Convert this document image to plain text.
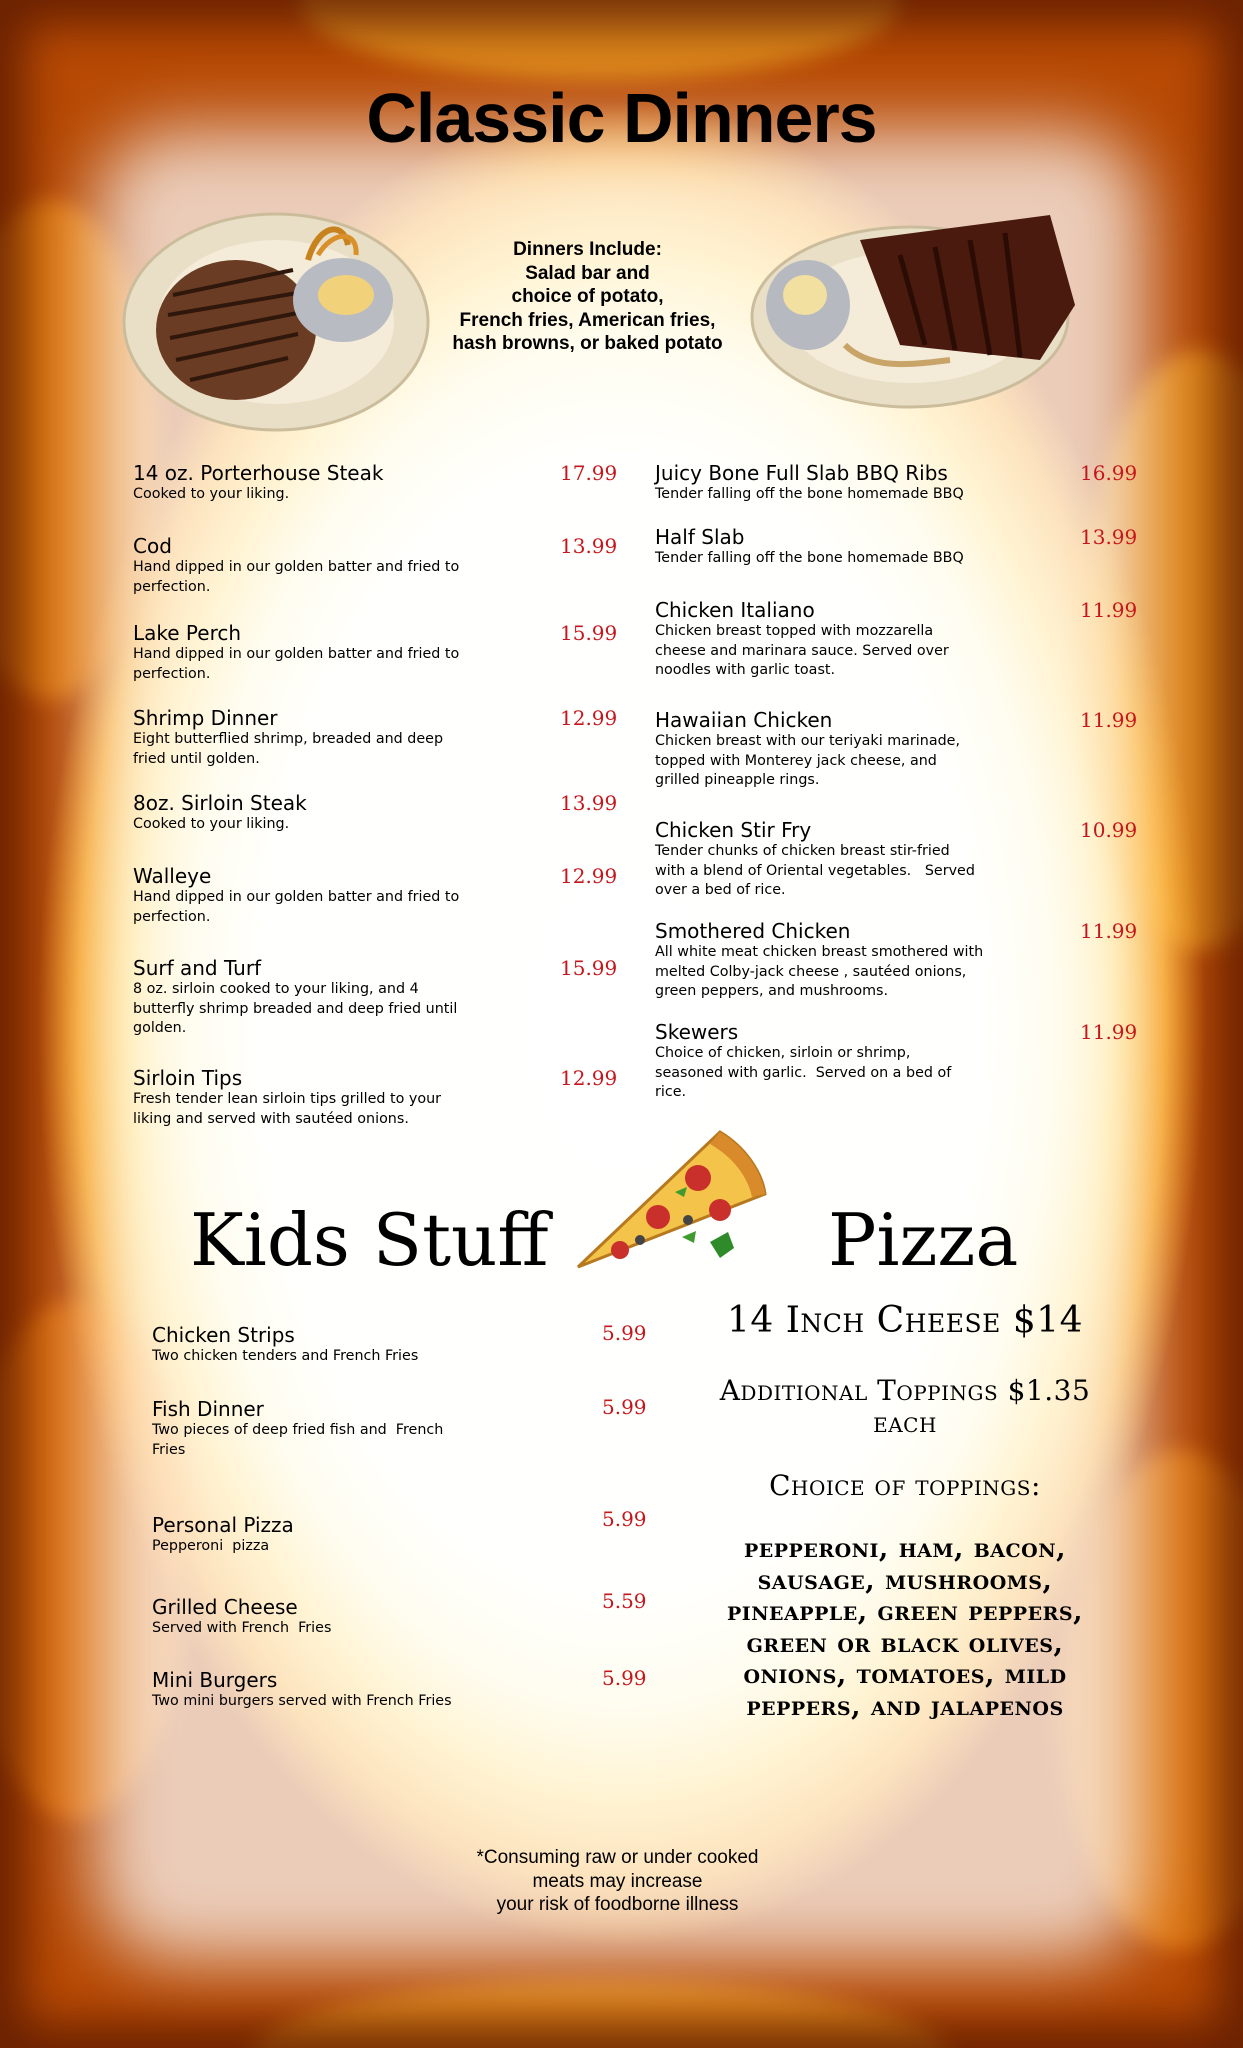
Classic Dinners
Dinners Include:
Salad bar and
choice of potato,
French fries, American fries,
hash browns, or baked potato
14 oz. Porterhouse Steak
Cooked to your liking.
17.99
Cod
Hand dipped in our golden batter and fried to
perfection.
13.99
Lake Perch
Hand dipped in our golden batter and fried to
perfection.
15.99
Shrimp Dinner
Eight butterflied shrimp, breaded and deep
fried until golden.
12.99
8oz. Sirloin Steak
Cooked to your liking.
13.99
Walleye
Hand dipped in our golden batter and fried to
perfection.
12.99
Surf and Turf
8 oz. sirloin cooked to your liking, and 4
butterfly shrimp breaded and deep fried until
golden.
15.99
Sirloin Tips
Fresh tender lean sirloin tips grilled to your
liking and served with sautéed onions.
12.99
Juicy Bone Full Slab BBQ Ribs
Tender falling off the bone homemade BBQ
16.99
Half Slab
Tender falling off the bone homemade BBQ
13.99
Chicken Italiano
Chicken breast topped with mozzarella
cheese and marinara sauce. Served over
noodles with garlic toast.
11.99
Hawaiian Chicken
Chicken breast with our teriyaki marinade,
topped with Monterey jack cheese, and
grilled pineapple rings.
11.99
Chicken Stir Fry
Tender chunks of chicken breast stir-fried
with a blend of Oriental vegetables.   Served
over a bed of rice.
10.99
Smothered Chicken
All white meat chicken breast smothered with
melted Colby-jack cheese , sautéed onions,
green peppers, and mushrooms.
11.99
Skewers
Choice of chicken, sirloin or shrimp,
seasoned with garlic.  Served on a bed of
rice.
11.99
Kids Stuff
Chicken Strips
Two chicken tenders and French Fries
5.99
Fish Dinner
Two pieces of deep fried fish and  French
Fries
5.99
Personal Pizza
Pepperoni  pizza
5.99
Grilled Cheese
Served with French  Fries
5.59
Mini Burgers
Two mini burgers served with French Fries
5.99
Pizza
14 Inch Cheese $14
Additional Toppings $1.35
each
Choice of toppings:
pepperoni, ham, bacon,
sausage, mushrooms,
pineapple, green peppers,
green or black olives,
onions, tomatoes, mild
peppers, and jalapenos
*Consuming raw or under cooked
meats may increase
your risk of foodborne illness
